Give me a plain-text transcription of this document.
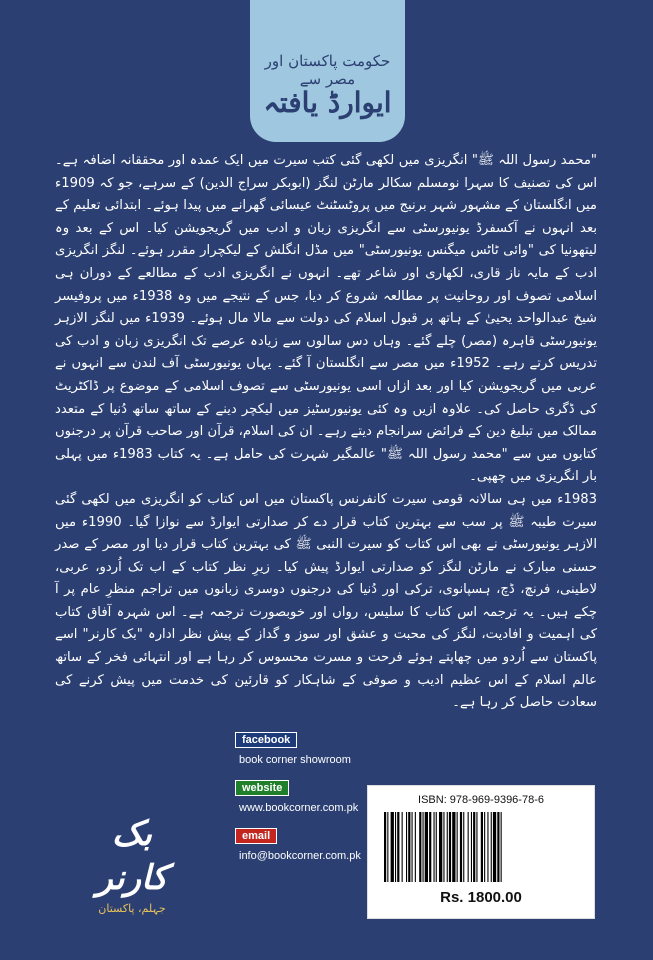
حکومت پاکستان اور مصر سے
ایوارڈ یافتہ

"محمد رسول اللہ ﷺ" انگریزی میں لکھی گئی کتب سیرت میں ایک عمدہ اور محققانہ اضافہ ہے۔ اس کی تصنیف کا سہرا نومسلم سکالر مارٹن لنگز (ابوبکر سراج الدین) کے سرہے، جو کہ 1909ء میں انگلستان کے مشہور شہر برنیج میں پروٹسٹنٹ عیسائی گھرانے میں پیدا ہوئے۔ ابتدائی تعلیم کے بعد انہوں نے آکسفرڈ یونیورسٹی سے انگریزی زبان و ادب میں گریجویشن کیا۔ اس کے بعد وہ لیتھونیا کی "وائی ٹاٹس میگنس یونیورسٹی" میں مڈل انگلش کے لیکچرار مقرر ہوئے۔ لنگز انگریزی ادب کے مایہ ناز قاری، لکھاری اور شاعر تھے۔ انہوں نے انگریزی ادب کے مطالعے کے دوران ہی اسلامی تصوف اور روحانیت پر مطالعہ شروع کر دیا، جس کے نتیجے میں وہ 1938ء میں پروفیسر شیخ عبدالواحد یحییٰ کے ہاتھ پر قبول اسلام کی دولت سے مالا مال ہوئے۔ 1939ء میں لنگز الازہر یونیورسٹی قاہرہ (مصر) چلے گئے۔ وہاں دس سالوں سے زیادہ عرصے تک انگریزی زبان و ادب کی تدریس کرتے رہے۔ 1952ء میں مصر سے انگلستان آ گئے۔ یہاں یونیورسٹی آف لندن سے انہوں نے عربی میں گریجویشن کیا اور بعد ازاں اسی یونیورسٹی سے تصوف اسلامی کے موضوع پر ڈاکٹریٹ کی ڈگری حاصل کی۔ علاوہ ازیں وہ کئی یونیورسٹیز میں لیکچر دینے کے ساتھ ساتھ دُنیا کے متعدد ممالک میں تبلیغ دین کے فرائض سرانجام دیتے رہے۔ ان کی اسلام، قرآن اور صاحب قرآن پر درجنوں کتابوں میں سے "محمد رسول اللہ ﷺ" عالمگیر شہرت کی حامل ہے۔ یہ کتاب 1983ء میں پہلی بار انگریزی میں چھپی۔

1983ء میں ہی سالانہ قومی سیرت کانفرنس پاکستان میں اس کتاب کو انگریزی میں لکھی گئی سیرت طیبہ ﷺ پر سب سے بہترین کتاب قرار دے کر صدارتی ایوارڈ سے نوازا گیا۔ 1990ء میں الازہر یونیورسٹی نے بھی اس کتاب کو سیرت النبی ﷺ کی بہترین کتاب قرار دیا اور مصر کے صدر حسنی مبارک نے مارٹن لنگز کو صدارتی ایوارڈ پیش کیا۔ زیرِ نظر کتاب کے اب تک اُردو، عربی، لاطینی، فرنچ، ڈچ، ہسپانوی، ترکی اور دُنیا کی درجنوں دوسری زبانوں میں تراجم منظرِ عام پر آ چکے ہیں۔ یہ ترجمہ اس کتاب کا سلیس، رواں اور خوبصورت ترجمہ ہے۔ اس شہرہ آفاق کتاب کی اہمیت و افادیت، لنگز کی محبت و عشق اور سوز و گداز کے پیش نظر ادارہ "بک کارنر" اسے پاکستان سے اُردو میں چھاپتے ہوئے فرحت و مسرت محسوس کر رہا ہے اور انتہائی فخر کے ساتھ عالم اسلام کے اس عظیم ادیب و صوفی کے شاہکار کو قارئین کی خدمت میں پیش کرنے کی سعادت حاصل کر رہا ہے۔

بک کارنر
جہلم، پاکستان
facebook
book corner showroom
website
www.bookcorner.com.pk
email
info@bookcorner.com.pk
ISBN: 978-969-9396-78-6
Rs. 1800.00
